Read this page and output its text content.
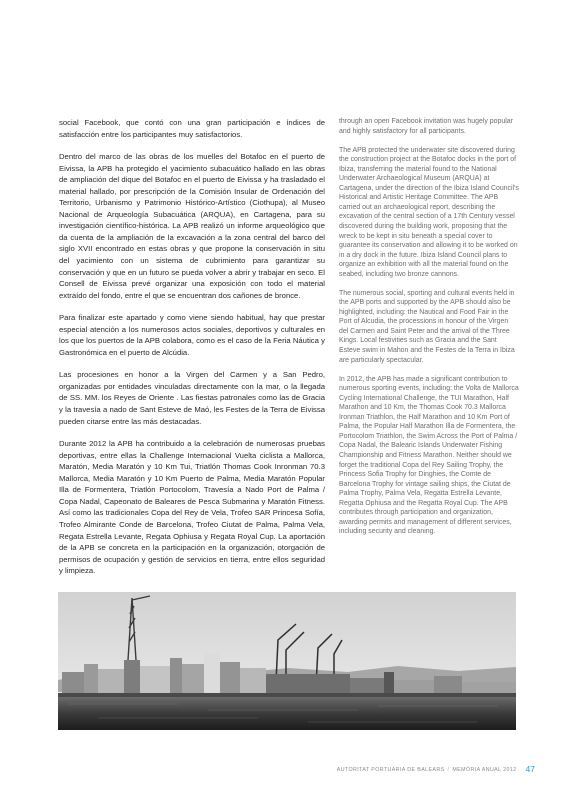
social Facebook, que contó con una gran participación e índices de satisfacción entre los participantes muy satisfactorios.

Dentro del marco de las obras de los muelles del Botafoc en el puerto de Eivissa, la APB ha protegido el yacimiento subacuático hallado en las obras de ampliación del dique del Botafoc en el puerto de Eivissa y ha trasladado el material hallado, por prescripción de la Comisión Insular de Ordenación del Territorio, Urbanismo y Patrimonio Histórico-Artístico (Ciothupa), al Museo Nacional de Arqueología Subacuática (ARQUA), en Cartagena, para su investigación científico-histórica. La APB realizó un informe arqueológico que da cuenta de la ampliación de la excavación a la zona central del barco del siglo XVII encontrado en estas obras y que propone la conservación in situ del yacimiento con un sistema de cubrimiento para garantizar su conservación y que en un futuro se pueda volver a abrir y trabajar en seco. El Consell de Eivissa prevé organizar una exposición con todo el material extraído del fondo, entre el que se encuentran dos cañones de bronce.

Para finalizar este apartado y como viene siendo habitual, hay que prestar especial atención a los numerosos actos sociales, deportivos y culturales en los que los puertos de la APB colabora, como es el caso de la Feria Náutica y Gastronómica en el puerto de Alcúdia.

Las procesiones en honor a la Virgen del Carmen y a San Pedro, organizadas por entidades vinculadas directamente con la mar, o la llegada de SS. MM. los Reyes de Oriente . Las fiestas patronales como las de Gracia y la travesía a nado de Sant Esteve de Maó, les Festes de la Terra de Eivissa pueden citarse entre las más destacadas.

Durante 2012 la APB ha contribuido a la celebración de numerosas pruebas deportivas, entre ellas la Challenge Internacional Vuelta ciclista a Mallorca, Maratón, Media Maratón y 10 Km Tui, Triatlón Thomas Cook Inronman 70.3 Mallorca, Media Maratón y 10 Km Puerto de Palma, Media Maratón Popular Illa de Formentera, Triatlón Portocolom, Travesía a Nado Port de Palma / Copa Nadal, Capeonato de Baleares de Pesca Submarina y Maratón Fitness. Así como las tradicionales Copa del Rey de Vela, Trofeo SAR Princesa Sofía, Trofeo Almirante Conde de Barcelona, Trofeo Ciutat de Palma, Palma Vela, Regata Estrella Levante, Regata Ophiusa y Regata Royal Cup. La aportación de la APB se concreta en la participación en la organización, otorgación de permisos de ocupación y gestión de servicios en tierra, entre ellos seguridad y limpieza.

through an open Facebook invitation was hugely popular and highly satisfactory for all participants.

The APB protected the underwater site discovered during the construction project at the Botafoc docks in the port of Ibiza, transferring the material found to the National Underwater Archaeological Museum (ARQUA) at Cartagena, under the direction of the Ibiza Island Council's Historical and Artistic Heritage Committee. The APB carried out an archaeological report, describing the excavation of the central section of a 17th Century vessel discovered during the building work, proposing that the wreck to be kept in situ beneath a special cover to guarantee its conservation and allowing it to be worked on in a dry dock in the future. Ibiza Island Council plans to organize an exhibition with all the material found on the seabed, including two bronze cannons.

The numerous social, sporting and cultural events held in the APB ports and supported by the APB should also be highlighted, including: the Nautical and Food Fair in the Port of Alcudia, the processions in honour of the Virgen del Carmen and Saint Peter and the arrival of the Three Kings. Local festivities such as Gracia and the Sant Esteve swim in Mahon and the Festes de la Terra in Ibiza are particularly spectacular.

In 2012, the APB has made a significant contribution to numerous sporting events, including: the Volta de Mallorca Cycling International Challenge, the TUI Marathon, Half Marathon and 10 Km, the Thomas Cook 70.3 Mallorca Ironman Triathlon, the Half Marathon and 10 Km Port of Palma, the Popular Half Marathon Illa de Formentera, the Portocolom Triathlon, the Swim Across the Port of Palma / Copa Nadal, the Balearic Islands Underwater Fishing Championship and Fitness Marathon. Neither should we forget the traditional Copa del Rey Sailing Trophy, the Princess Sofia Trophy for Dinghies, the Comte de Barcelona Trophy for vintage sailing ships, the Ciutat de Palma Trophy, Palma Vela, Regatta Estrella Levante, Regatta Ophiusa and the Regatta Royal Cup. The APB contributes through participation and organization, awarding permits and management of different services, including security and cleaning.

AUTORITAT PORTUÀRIA DE BALEARS / MEMÒRIA ANUAL 2012 47
